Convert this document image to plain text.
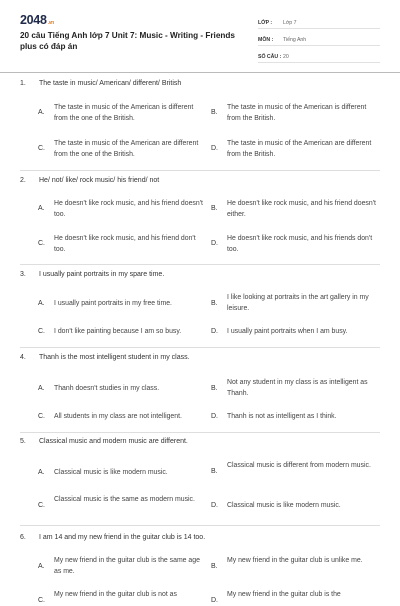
2048.vn
20 câu Tiếng Anh lớp 7 Unit 7: Music - Writing - Friends plus có đáp án
LỚP :	Lớp 7
MÔN :	Tiếng Anh
SỐ CÂU : 20
1. The taste in music/ American/ different/ British
A.
The taste in music of the American is different from the one of the British.
B.
The taste in music of the American is different from the British.
C.
The taste in music of the American are different from the one of the British.
D.
The taste in music of the American are different from the British.
2. He/ not/ like/ rock music/ his friend/ not
A.
He doesn't like rock music, and his friend doesn't too.
B.
He doesn't like rock music, and his friend doesn't either.
C.
He doesn't like rock music, and his friend don't too.
D.
He doesn't like rock music, and his friends don't too.
3. I usually paint portraits in my spare time.
A. I usually paint portraits in my free time.	B.
I like looking at portraits in the art gallery in my leisure.
C. I don't like painting because I am so busy.	D. I usually paint portraits when I am busy.
4. Thanh is the most intelligent student in my class.
A. Thanh doesn't studies in my class.	B.
Not any student in my class is as intelligent as Thanh.
C. All students in my class are not intelligent.	D. Thanh is not as intelligent as I think.
5. Classical music and modern music are different.
A. Classical music is like modern music.	B.
Classical music is different from modern music.
C.
Classical music is the same as modern music.
D. Classical music is like modern music.
6. I am 14 and my new friend in the guitar club is 14 too.
A.
My new friend in the guitar club is the same age as me.
B.
My new friend in the guitar club is unlike me.
C.
My new friend in the guitar club is not as
D.
My new friend in the guitar club is the
